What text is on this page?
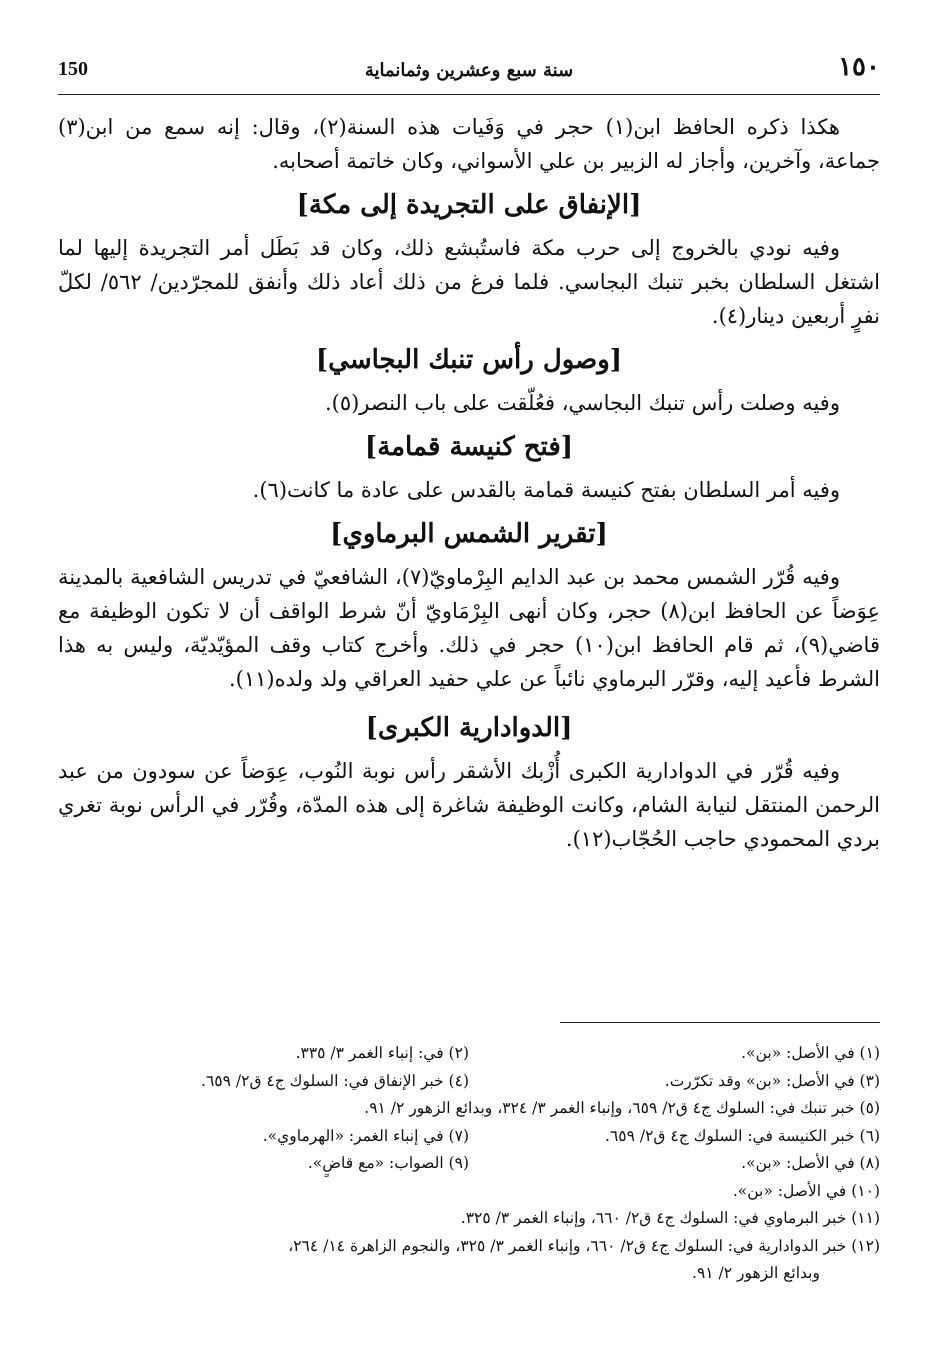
١٥٠
سنة سبع وعشرين وثمانماية
150

هكذا ذكره الحافظ ابن(١) حجر في وَفَيات هذه السنة(٢)، وقال: إنه سمع من ابن(٣) جماعة، وآخرين، وأجاز له الزبير بن علي الأسواني، وكان خاتمة أصحابه.

[الإنفاق على التجريدة إلى مكة]

وفيه نودي بالخروج إلى حرب مكة فاستُبشع ذلك، وكان قد بَطَل أمر التجريدة إليها لما اشتغل السلطان بخبر تنبك البجاسي. فلما فرغ من ذلك أعاد ذلك وأنفق للمجرّدين/ ٥٦٢/ لكلّ نفرٍ أربعين دينار(٤).

[وصول رأس تنبك البجاسي]

وفيه وصلت رأس تنبك البجاسي، فعُلّقت على باب النصر(٥).

[فتح كنيسة قمامة]

وفيه أمر السلطان بفتح كنيسة قمامة بالقدس على عادة ما كانت(٦).

[تقرير الشمس البرماوي]

وفيه قُرّر الشمس محمد بن عبد الدايم البِرْماويّ(٧)، الشافعيّ في تدريس الشافعية بالمدينة عِوَضاً عن الحافظ ابن(٨) حجر، وكان أنهى البِرْمَاويّ أنّ شرط الواقف أن لا تكون الوظيفة مع قاضي(٩)، ثم قام الحافظ ابن(١٠) حجر في ذلك. وأخرج كتاب وقف المؤيّديّة، وليس به هذا الشرط فأعيد إليه، وقرّر البرماوي نائباً عن علي حفيد العراقي ولد ولده(١١).

[الدوادارية الكبرى]

وفيه قُرّر في الدوادارية الكبرى أُزْبك الأشقر رأس نوبة النُوب، عِوَضاً عن سودون من عبد الرحمن المنتقل لنيابة الشام، وكانت الوظيفة شاغرة إلى هذه المدّة، وقُرّر في الرأس نوبة تغري بردي المحمودي حاجب الحُجّاب(١٢).

(١) في الأصل: «بن».
(٢) في: إنباء الغمر ٣/ ٣٣٥.
(٣) في الأصل: «بن» وقد تكرّرت.
(٤) خبر الإنفاق في: السلوك ج٤ ق٢/ ٦٥٩.
(٥) خبر تنبك في: السلوك ج٤ ق٢/ ٦٥٩، وإنباء الغمر ٣/ ٣٢٤، وبدائع الزهور ٢/ ٩١.
(٦) خبر الكنيسة في: السلوك ج٤ ق٢/ ٦٥٩.
(٧) في إنباء الغمر: «الهرماوي».
(٨) في الأصل: «بن».
(٩) الصواب: «مع قاضٍ».
(١٠) في الأصل: «بن».
(١١) خبر البرماوي في: السلوك ج٤ ق٢/ ٦٦٠، وإنباء الغمر ٣/ ٣٢٥.
(١٢) خبر الدوادارية في: السلوك ج٤ ق٢/ ٦٦٠، وإنباء الغمر ٣/ ٣٢٥، والنجوم الزاهرة ١٤/ ٢٦٤،
وبدائع الزهور ٢/ ٩١.
